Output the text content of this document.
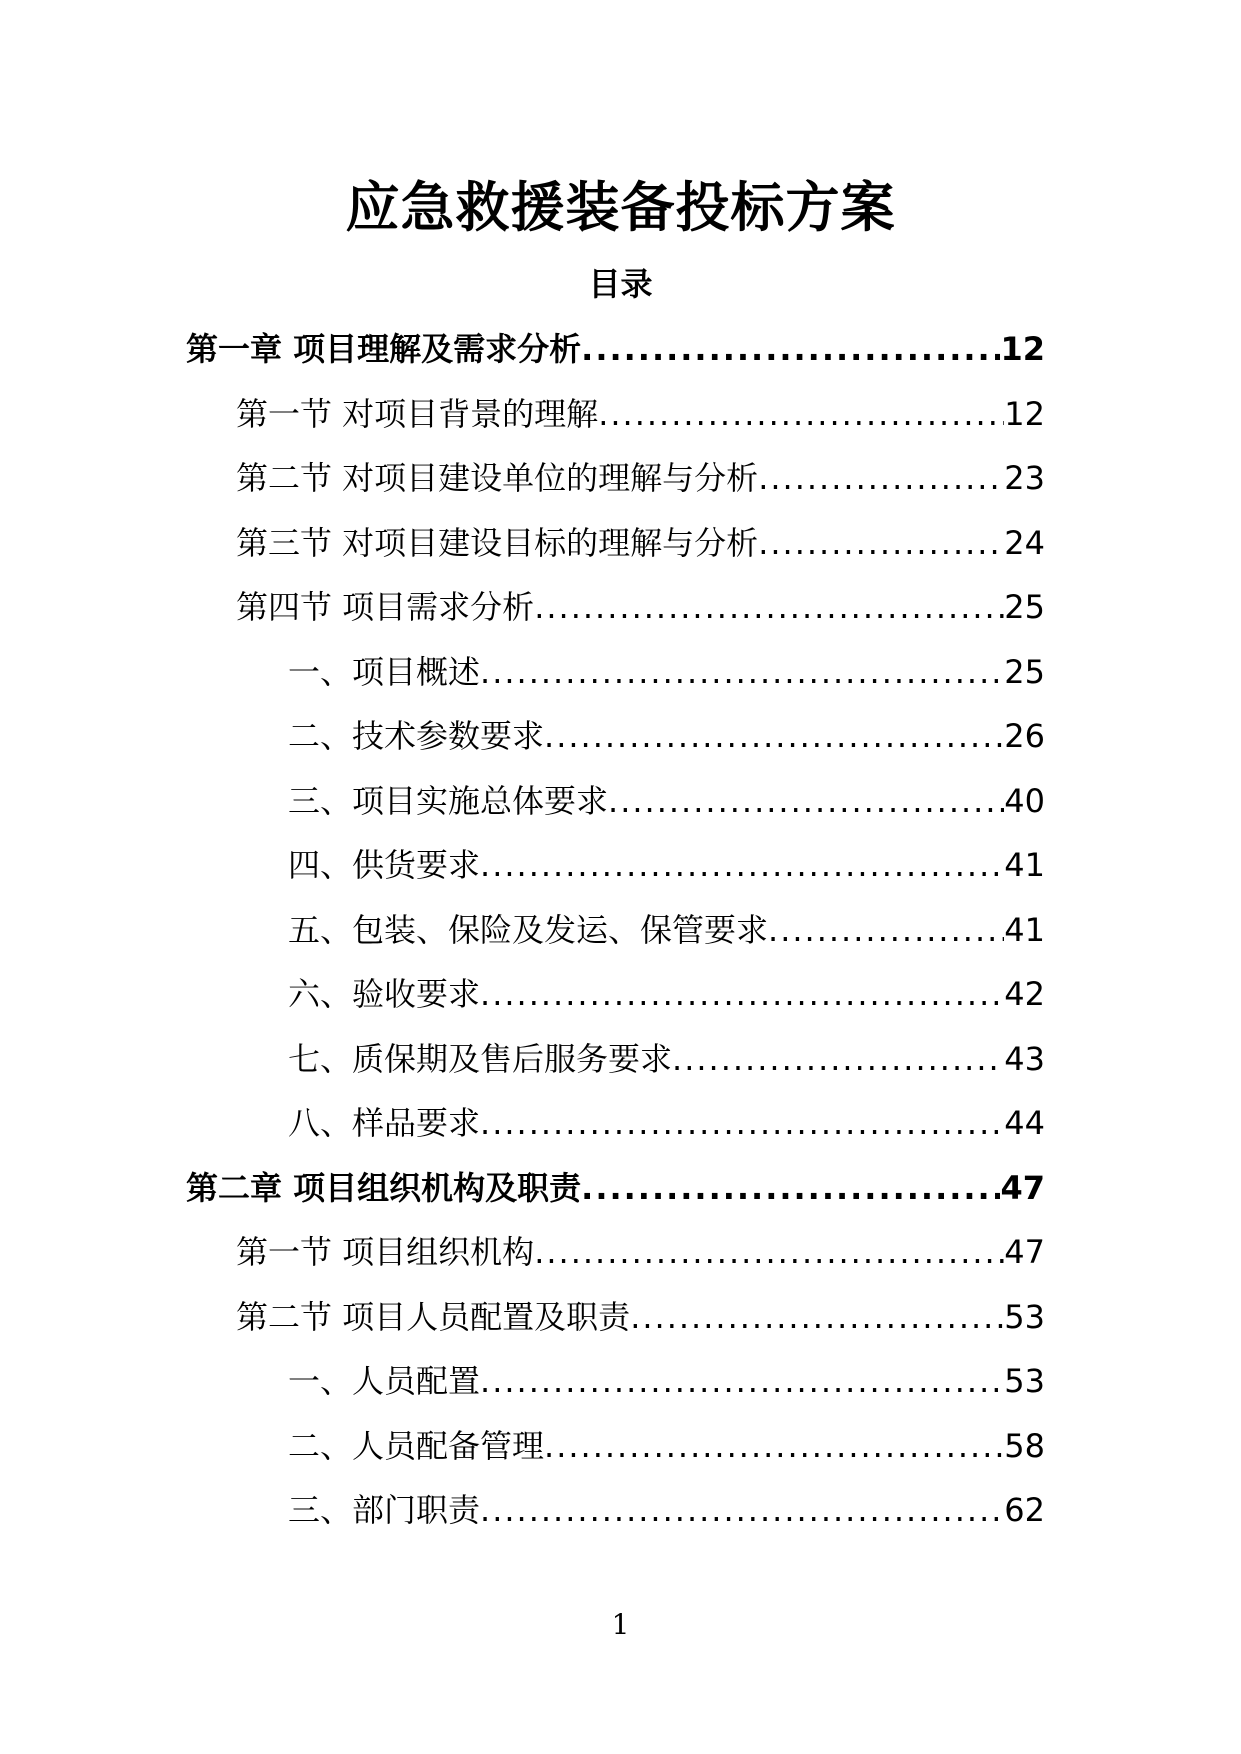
应急救援装备投标方案
目录
第一章 项目理解及需求分析 .....	12
第一节 对项目背景的理解 .....	12
第二节 对项目建设单位的理解与分析 .....	23
第三节 对项目建设目标的理解与分析 .....	24
第四节 项目需求分析 .....	25
一、项目概述 .....	25
二、技术参数要求 .....	26
三、项目实施总体要求 .....	40
四、供货要求 .....	41
五、包装、保险及发运、保管要求 .....	41
六、验收要求 .....	42
七、质保期及售后服务要求 .....	43
八、样品要求 .....	44
第二章 项目组织机构及职责 .....	47
第一节 项目组织机构 .....	47
第二节 项目人员配置及职责 .....	53
一、人员配置 .....	53
二、人员配备管理 .....	58
三、部门职责 .....	62
1
